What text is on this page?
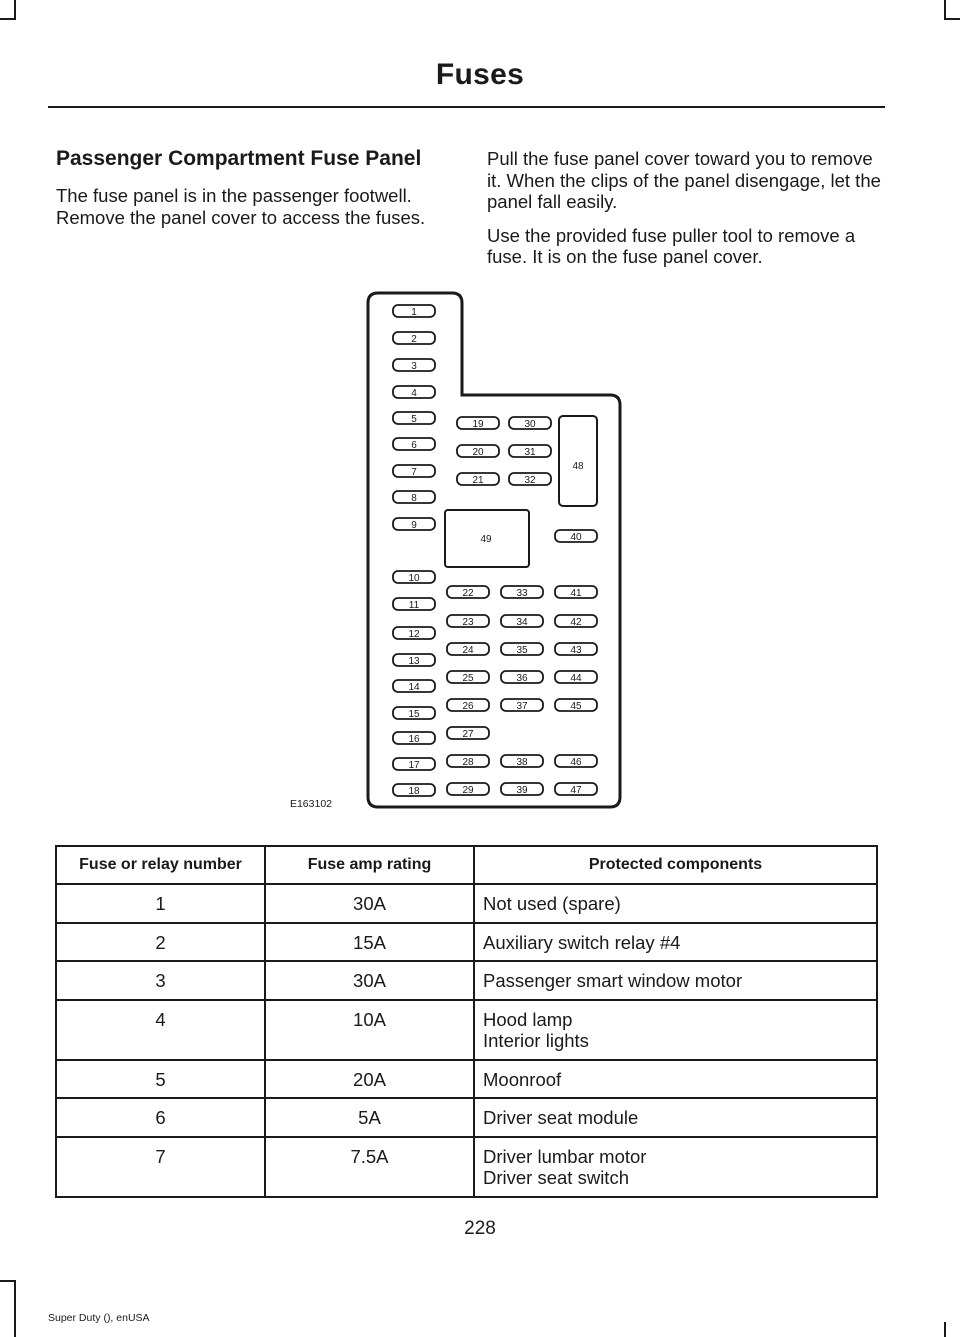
Fuses
Passenger Compartment Fuse Panel

The fuse panel is in the passenger footwell. Remove the panel cover to access the fuses.

Pull the fuse panel cover toward you to remove it. When the clips of the panel disengage, let the panel fall easily.

Use the provided fuse puller tool to remove a fuse. It is on the fuse panel cover.

1
2
3
4
5
6
7
8
9
10
11
12
13
14
15
16
17
18
19	30
20	31
21	32
48
49	40
22	33	41
23	34	42
24	35	43
25	36	44
26	37	45
27
28	38	46
29	39	47
E163102
Fuse or relay number	Fuse amp rating	Protected components
1	30A	Not used (spare)

2	15A	Auxiliary switch relay #4

3	30A	Passenger smart window motor

4	10A	Hood lamp
Interior lights

5	20A	Moonroof

6	5A	Driver seat module

7	7.5A	Driver lumbar motor
Driver seat switch
228
Super Duty (), enUSA
